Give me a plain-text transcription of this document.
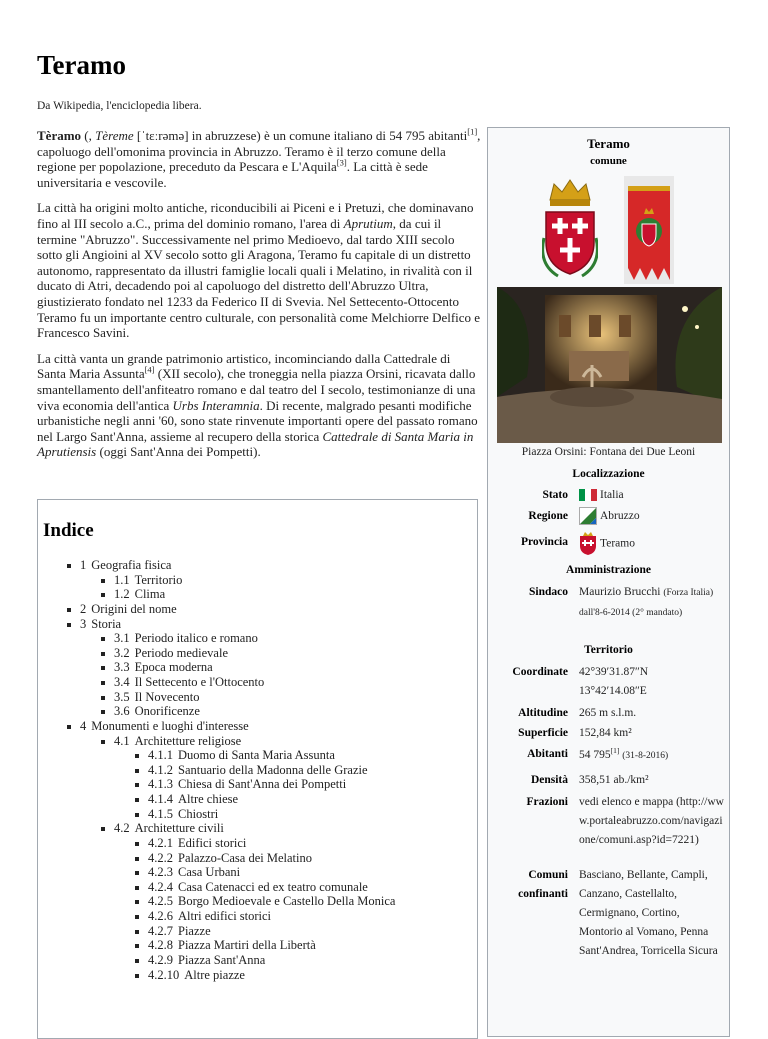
Teramo
Da Wikipedia, l'enciclopedia libera.

Tèramo (, Tèreme [ˈtɛːrəmə] in abruzzese) è un comune italiano di 54 795 abitanti[1], capoluogo dell'omonima provincia in Abruzzo. Teramo è il terzo comune della regione per popolazione, preceduto da Pescara e L'Aquila[3]. La città è sede universitaria e vescovile.

La città ha origini molto antiche, riconducibili ai Piceni e i Pretuzi, che dominavano fino al III secolo a.C., prima del dominio romano, l'area di Aprutium, da cui il termine "Abruzzo". Successivamente nel primo Medioevo, dal tardo XIII secolo sotto gli Angioini al XV secolo sotto gli Aragona, Teramo fu capitale di un distretto autonomo, rappresentato da illustri famiglie locali quali i Melatino, in rivalità con il ducato di Atri, decadendo poi al capoluogo del distretto dell'Abruzzo Ultra, giustizierato fondato nel 1233 da Federico II di Svevia. Nel Settecento-Ottocento Teramo fu un importante centro culturale, con personalità come Melchiorre Delfico e Francesco Savini.

La città vanta un grande patrimonio artistico, incominciando dalla Cattedrale di Santa Maria Assunta[4] (XII secolo), che troneggia nella piazza Orsini, ricavata dallo smantellamento dell'anfiteatro romano e dal teatro del I secolo, testimonianze di una viva economia dell'antica Urbs Interamnia. Di recente, malgrado pesanti modifiche urbanistiche negli anni '60, sono state rinvenute importanti opere del passato romano nel Largo Sant'Anna, assieme al recupero della storica Cattedrale di Santa Maria in Aprutiensis (oggi Sant'Anna dei Pompetti).

Indice
1 Geografia fisica
1.1 Territorio
1.2 Clima
2 Origini del nome
3 Storia
3.1 Periodo italico e romano
3.2 Periodo medievale
3.3 Epoca moderna
3.4 Il Settecento e l'Ottocento
3.5 Il Novecento
3.6 Onorificenze
4 Monumenti e luoghi d'interesse
4.1 Architetture religiose
4.1.1 Duomo di Santa Maria Assunta
4.1.2 Santuario della Madonna delle Grazie
4.1.3 Chiesa di Sant'Anna dei Pompetti
4.1.4 Altre chiese
4.1.5 Chiostri
4.2 Architetture civili
4.2.1 Edifici storici
4.2.2 Palazzo-Casa dei Melatino
4.2.3 Casa Urbani
4.2.4 Casa Catenacci ed ex teatro comunale
4.2.5 Borgo Medioevale e Castello Della Monica
4.2.6 Altri edifici storici
4.2.7 Piazze
4.2.8 Piazza Martiri della Libertà
4.2.9 Piazza Sant'Anna
4.2.10 Altre piazze
Teramo
comune
Piazza Orsini: Fontana dei Due Leoni
Localizzazione
Stato	Italia
Regione	Abruzzo
Provincia	Teramo
Amministrazione
Sindaco Maurizio Brucchi (Forza Italia) dall'8-6-2014 (2° mandato)
Territorio
Coordinate 42°39′31.87″N
13°42′14.08″E
Altitudine 265 m s.l.m.
Superficie 152,84 km²
Abitanti 54 795[1] (31-8-2016)
Densità 358,51 ab./km²
Frazioni vedi elenco e mappa (http://www.portaleabruzzo.com/navigazione/comuni.asp?id=7221)
Comuni confinanti
Basciano, Bellante, Campli, Canzano, Castellalto, Cermignano, Cortino, Montorio al Vomano, Penna Sant'Andrea, Torricella Sicura
